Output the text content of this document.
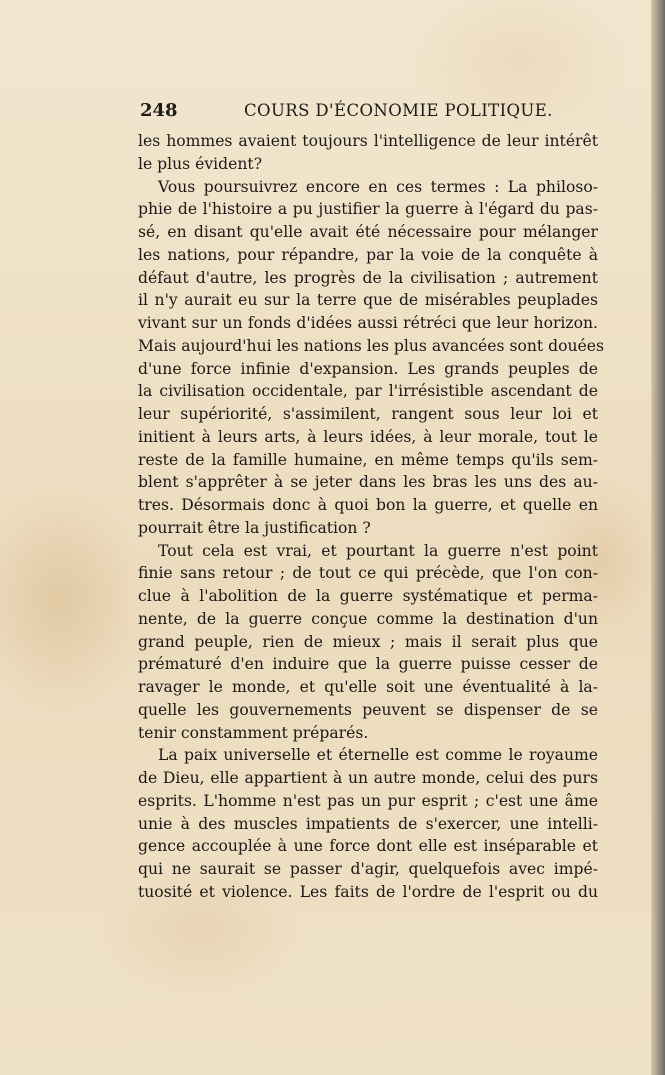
248	COURS D'ÉCONOMIE POLITIQUE.
les hommes avaient toujours l'intelligence de leur intérêt
le plus évident?
Vous poursuivrez encore en ces termes : La philoso-
phie de l'histoire a pu justifier la guerre à l'égard du pas-
sé, en disant qu'elle avait été nécessaire pour mélanger
les nations, pour répandre, par la voie de la conquête à
défaut d'autre, les progrès de la civilisation ; autrement
il n'y aurait eu sur la terre que de misérables peuplades
vivant sur un fonds d'idées aussi rétréci que leur horizon.
Mais aujourd'hui les nations les plus avancées sont douées
d'une force infinie d'expansion. Les grands peuples de
la civilisation occidentale, par l'irrésistible ascendant de
leur supériorité, s'assimilent, rangent sous leur loi et
initient à leurs arts, à leurs idées, à leur morale, tout le
reste de la famille humaine, en même temps qu'ils sem-
blent s'apprêter à se jeter dans les bras les uns des au-
tres. Désormais donc à quoi bon la guerre, et quelle en
pourrait être la justification ?
Tout cela est vrai, et pourtant la guerre n'est point
finie sans retour ; de tout ce qui précède, que l'on con-
clue à l'abolition de la guerre systématique et perma-
nente, de la guerre conçue comme la destination d'un
grand peuple, rien de mieux ; mais il serait plus que
prématuré d'en induire que la guerre puisse cesser de
ravager le monde, et qu'elle soit une éventualité à la-
quelle les gouvernements peuvent se dispenser de se
tenir constamment préparés.
La paix universelle et éternelle est comme le royaume
de Dieu, elle appartient à un autre monde, celui des purs
esprits. L'homme n'est pas un pur esprit ; c'est une âme
unie à des muscles impatients de s'exercer, une intelli-
gence accouplée à une force dont elle est inséparable et
qui ne saurait se passer d'agir, quelquefois avec impé-
tuosité et violence. Les faits de l'ordre de l'esprit ou du
